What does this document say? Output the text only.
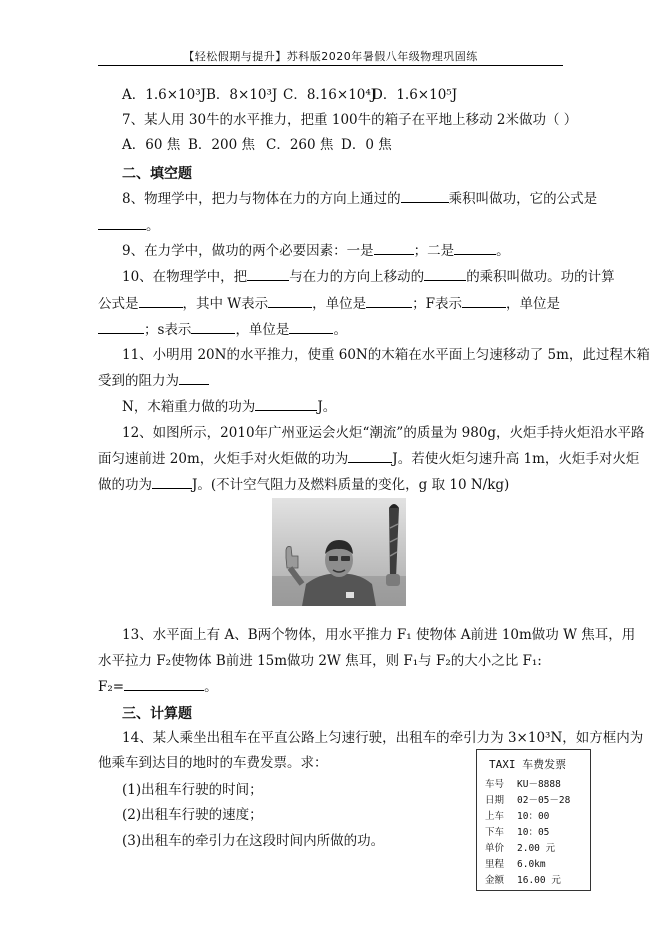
【轻松假期与提升】苏科版2020年暑假八年级物理巩固练
A．1.6×10³J B．8×10³J C．8.16×10⁴J
D．1.6×10⁵J
7、某人用 30牛的水平推力，把重 100牛的箱子在平地上移动 2米做功（ ）
A．60 焦 B．200 焦 C．260 焦 D．0 焦
二、填空题
8、物理学中，把力与物体在力的方向上通过的	乘积叫做功，它的公式是
。
9、在力学中，做功的两个必要因素：一是	；二是	。
10、在物理学中，把	与在力的方向上移动的	的乘积叫做功。功的计算
公式是	，其中 W表示	，单位是	；F表示	，单位是
；s表示	，单位是	。
11、小明用 20N的水平推力，使重 60N的木箱在水平面上匀速移动了 5m，此过程木箱
受到的阻力为
N，木箱重力做的功为	J。
12、如图所示，2010年广州亚运会火炬“潮流”的质量为 980g，火炬手持火炬沿水平路
面匀速前进 20m，火炬手对火炬做的功为	J。若使火炬匀速升高 1m，火炬手对火炬
做的功为	J。(不计空气阻力及燃料质量的变化，g 取 10 N/kg)
13、水平面上有 A、B两个物体，用水平推力 F₁ 使物体 A前进 10m做功 W 焦耳，用
水平拉力 F₂使物体 B前进 15m做功 2W 焦耳，则 F₁与 F₂的大小之比 F₁:
F₂=	。
三、计算题
14、某人乘坐出租车在平直公路上匀速行驶，出租车的牵引力为 3×10³N，如方框内为
他乘车到达目的地时的车费发票。求：
(1)出租车行驶的时间；
(2)出租车行驶的速度；
(3)出租车的牵引力在这段时间内所做的功。
TAXI 车费发票
车号 KU－8888
日期 02－05－28
上车 10：00
下车 10：05
单价 2.00 元
里程 6.0km
金额 16.00 元
